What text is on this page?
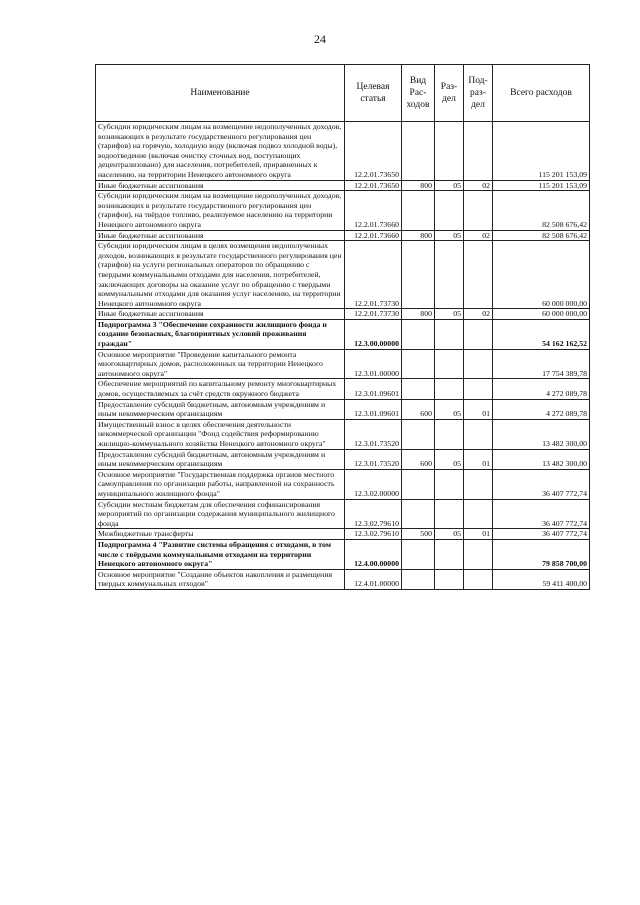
24
Наименование	Целевая статья	Вид Рас- ходов	Раз- дел	Под- раз- дел	Всего расходов
Субсидии юридическим лицам на возмещение недополученных доходов, возникающих в результате государственного регулирования цен (тарифов) на горячую, холодную воду (включая подвоз холодной воды), водоотведение (включая очистку сточных вод, поступающих децентрализовано) для населения, потребителей, приравненных к населению, на территории Ненецкого автономного округа	12.2.01.73650				115 201 153,09
Иные бюджетные ассигнования	12.2.01.73650	800	05	02	115 201 153,09
Субсидии юридическим лицам на возмещение недополученных доходов, возникающих в результате государственного регулирования цен (тарифов), на твёрдое топливо, реализуемое населению на территории Ненецкого автономного округа	12.2.01.73660				82 508 676,42
Иные бюджетные ассигнования	12.2.01.73660	800	05	02	82 508 676,42
Субсидии юридическим лицам в целях возмещения недополученных доходов, возникающих в результате государственного регулирования цен (тарифов) на услуги региональных операторов по обращению с твердыми коммунальными отходами для населения, потребителей, заключающих договоры на оказание услуг по обращению с твердыми коммунальными отходами для оказания услуг населению, на территории Ненецкого автономного округа	12.2.01.73730				60 000 000,00
Иные бюджетные ассигнования	12.2.01.73730	800	05	02	60 000 000,00
Подпрограмма 3 "Обеспечение сохранности жилищного фонда и создание безопасных, благоприятных условий проживания граждан"	12.3.00.00000				54 162 162,52
Основное мероприятие "Проведение капитального ремонта многоквартирных домов, расположенных на территории Ненецкого автономного округа"	12.3.01.00000				17 754 389,78
Обеспечение мероприятий по капитальному ремонту многоквартирных домов, осуществляемых за счёт средств окружного бюджета	12.3.01.09601				4 272 089,78
Предоставление субсидий бюджетным, автономным учреждениям и иным некоммерческим организациям	12.3.01.09601	600	05	01	4 272 089,78
Имущественный взнос в целях обеспечения деятельности некоммерческой организации "Фонд содействия реформированию жилищно-коммунального хозяйства Ненецкого автономного округа"	12.3.01.73520				13 482 300,00
Предоставление субсидий бюджетным, автономным учреждениям и иным некоммерческим организациям	12.3.01.73520	600	05	01	13 482 300,00
Основное мероприятие "Государственная поддержка органов местного самоуправления по организации работы, направленной на сохранность муниципального жилищного фонда"	12.3.02.00000				36 407 772,74
Субсидии местным бюджетам для обеспечения софинансирования мероприятий по организации содержания муниципального жилищного фонда	12.3.02.79610				36 407 772,74
Межбюджетные трансферты	12.3.02.79610	500	05	01	36 407 772,74
Подпрограмма 4 "Развитие системы обращения с отходами, в том числе с твёрдыми коммунальными отходами на территории Ненецкого автономного округа"	12.4.00.00000				79 858 700,00
Основное мероприятие "Создание объектов накопления и размещения твердых коммунальных отходов"	12.4.01.00000				59 411 400,00
